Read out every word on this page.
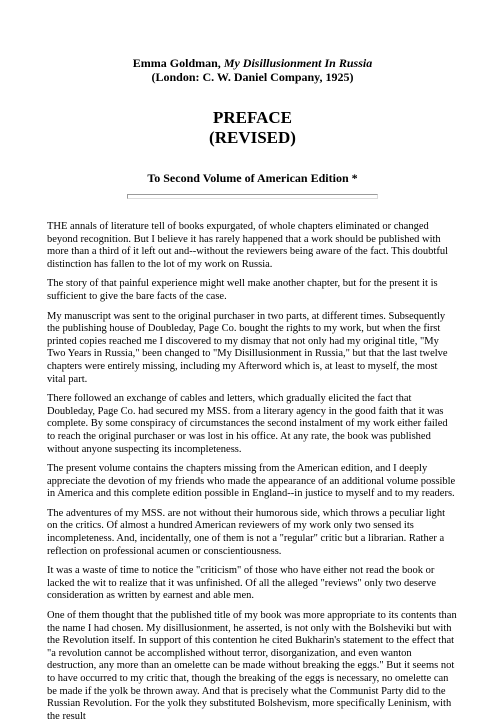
Emma Goldman, My Disillusionment In Russia
(London: C. W. Daniel Company, 1925)
PREFACE
(REVISED)
To Second Volume of American Edition *

THE annals of literature tell of books expurgated, of whole chapters eliminated or changed beyond recognition. But I believe it has rarely happened that a work should be published with more than a third of it left out and--without the reviewers being aware of the fact. This doubtful distinction has fallen to the lot of my work on Russia.

The story of that painful experience might well make another chapter, but for the present it is sufficient to give the bare facts of the case.

My manuscript was sent to the original purchaser in two parts, at different times. Subsequently the publishing house of Doubleday, Page Co. bought the rights to my work, but when the first printed copies reached me I discovered to my dismay that not only had my original title, "My Two Years in Russia," been changed to "My Disillusionment in Russia," but that the last twelve chapters were entirely missing, including my Afterword which is, at least to myself, the most vital part.

There followed an exchange of cables and letters, which gradually elicited the fact that Doubleday, Page Co. had secured my MSS. from a literary agency in the good faith that it was complete. By some conspiracy of circumstances the second instalment of my work either failed to reach the original purchaser or was lost in his office. At any rate, the book was published without anyone suspecting its incompleteness.

The present volume contains the chapters missing from the American edition, and I deeply appreciate the devotion of my friends who made the appearance of an additional volume possible in America and this complete edition possible in England--in justice to myself and to my readers.

The adventures of my MSS. are not without their humorous side, which throws a peculiar light on the critics. Of almost a hundred American reviewers of my work only two sensed its incompleteness. And, incidentally, one of them is not a "regular" critic but a librarian. Rather a reflection on professional acumen or conscientiousness.

It was a waste of time to notice the "criticism" of those who have either not read the book or lacked the wit to realize that it was unfinished. Of all the alleged "reviews" only two deserve consideration as written by earnest and able men.

One of them thought that the published title of my book was more appropriate to its contents than the name I had chosen. My disillusionment, he asserted, is not only with the Bolsheviki but with the Revolution itself. In support of this contention he cited Bukharin's statement to the effect that "a revolution cannot be accomplished without terror, disorganization, and even wanton destruction, any more than an omelette can be made without breaking the eggs." But it seems not to have occurred to my critic that, though the breaking of the eggs is necessary, no omelette can be made if the yolk be thrown away. And that is precisely what the Communist Party did to the Russian Revolution. For the yolk they substituted Bolshevism, more specifically Leninism, with the result
